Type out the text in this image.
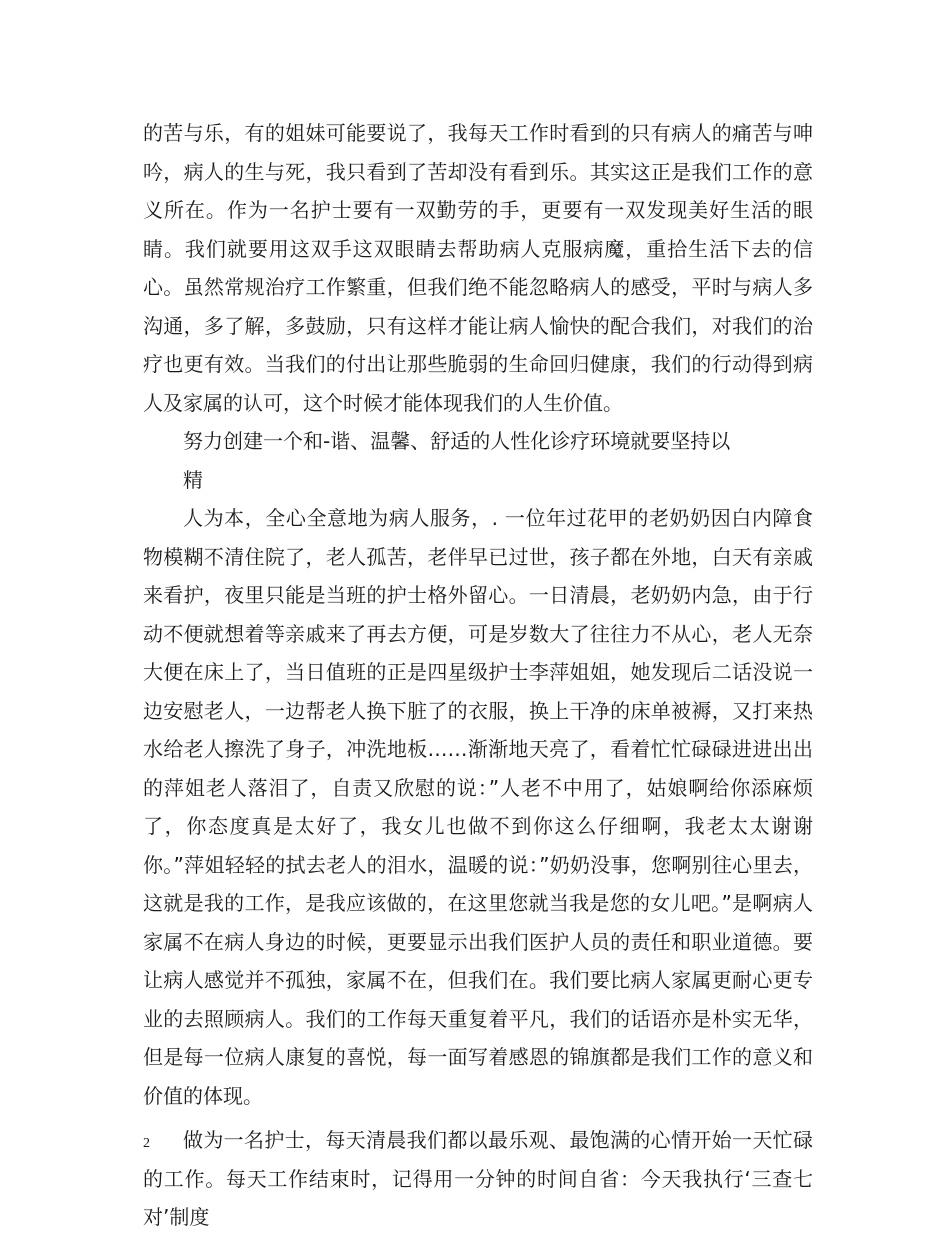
的苦与乐，有的姐妹可能要说了，我每天工作时看到的只有病人的痛苦与呻吟，病人的生与死，我只看到了苦却没有看到乐。其实这正是我们工作的意义所在。作为一名护士要有一双勤劳的手，更要有一双发现美好生活的眼睛。我们就要用这双手这双眼睛去帮助病人克服病魔，重拾生活下去的信心。虽然常规治疗工作繁重，但我们绝不能忽略病人的感受，平时与病人多沟通，多了解，多鼓励，只有这样才能让病人愉快的配合我们，对我们的治疗也更有效。当我们的付出让那些脆弱的生命回归健康，我们的行动得到病人及家属的认可，这个时候才能体现我们的人生价值。

努力创建一个和-谐、温馨、舒适的人性化诊疗环境就要坚持以

精

人为本，全心全意地为病人服务，. 一位年过花甲的老奶奶因白内障食物模糊不清住院了，老人孤苦，老伴早已过世，孩子都在外地，白天有亲戚来看护，夜里只能是当班的护士格外留心。一日清晨，老奶奶内急，由于行动不便就想着等亲戚来了再去方便，可是岁数大了往往力不从心，老人无奈大便在床上了，当日值班的正是四星级护士李萍姐姐，她发现后二话没说一边安慰老人，一边帮老人换下脏了的衣服，换上干净的床单被褥，又打来热水给老人擦洗了身子，冲洗地板……渐渐地天亮了，看着忙忙碌碌进进出出的萍姐老人落泪了，自责又欣慰的说：”人老不中用了，姑娘啊给你添麻烦了，你态度真是太好了，我女儿也做不到你这么仔细啊，我老太太谢谢你。”萍姐轻轻的拭去老人的泪水，温暖的说：”奶奶没事，您啊别往心里去，这就是我的工作，是我应该做的，在这里您就当我是您的女儿吧。”是啊病人家属不在病人身边的时候，更要显示出我们医护人员的责任和职业道德。要让病人感觉并不孤独，家属不在，但我们在。我们要比病人家属更耐心更专业的去照顾病人。我们的工作每天重复着平凡，我们的话语亦是朴实无华，但是每一位病人康复的喜悦，每一面写着感恩的锦旗都是我们工作的意义和价值的体现。

做为一名护士，每天清晨我们都以最乐观、最饱满的心情开始一天忙碌的工作。每天工作结束时，记得用一分钟的时间自省：今天我执行‘三查七对’制度

2
